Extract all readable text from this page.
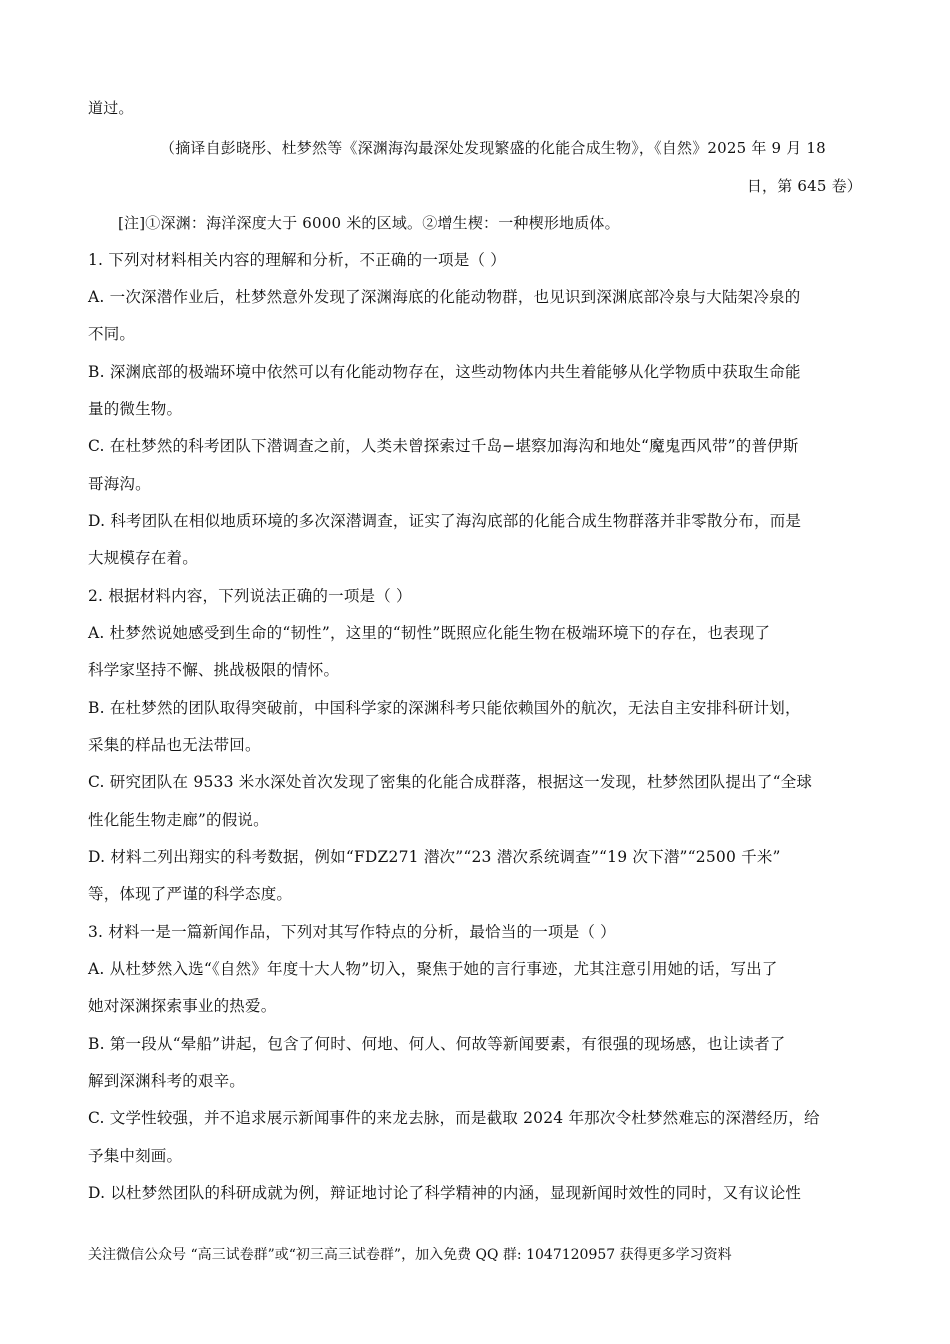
道过。
（摘译自彭晓彤、杜梦然等《深渊海沟最深处发现繁盛的化能合成生物》，《自然》2025 年 9 月 18
日，第 645 卷）
[注]①深渊：海洋深度大于 6000 米的区域。②增生楔：一种楔形地质体。
1. 下列对材料相关内容的理解和分析，不正确的一项是（ ）
A. 一次深潜作业后，杜梦然意外发现了深渊海底的化能动物群，也见识到深渊底部冷泉与大陆架冷泉的
不同。
B. 深渊底部的极端环境中依然可以有化能动物存在，这些动物体内共生着能够从化学物质中获取生命能
量的微生物。
C. 在杜梦然的科考团队下潜调查之前，人类未曾探索过千岛−堪察加海沟和地处“魔鬼西风带”的普伊斯
哥海沟。
D. 科考团队在相似地质环境的多次深潜调查，证实了海沟底部的化能合成生物群落并非零散分布，而是
大规模存在着。
2. 根据材料内容，下列说法正确的一项是（ ）
A. 杜梦然说她感受到生命的“韧性”，这里的“韧性”既照应化能生物在极端环境下的存在，也表现了
科学家坚持不懈、挑战极限的情怀。
B. 在杜梦然的团队取得突破前，中国科学家的深渊科考只能依赖国外的航次，无法自主安排科研计划，
采集的样品也无法带回。
C. 研究团队在 9533 米水深处首次发现了密集的化能合成群落，根据这一发现，杜梦然团队提出了“全球
性化能生物走廊”的假说。
D. 材料二列出翔实的科考数据，例如“FDZ271 潜次”“23 潜次系统调查”“19 次下潜”“2500 千米”
等，体现了严谨的科学态度。
3. 材料一是一篇新闻作品，下列对其写作特点的分析，最恰当的一项是（ ）
A. 从杜梦然入选“《自然》年度十大人物”切入，聚焦于她的言行事迹，尤其注意引用她的话，写出了
她对深渊探索事业的热爱。
B. 第一段从“晕船”讲起，包含了何时、何地、何人、何故等新闻要素，有很强的现场感，也让读者了
解到深渊科考的艰辛。
C. 文学性较强，并不追求展示新闻事件的来龙去脉，而是截取 2024 年那次令杜梦然难忘的深潜经历，给
予集中刻画。
D. 以杜梦然团队的科研成就为例，辩证地讨论了科学精神的内涵，显现新闻时效性的同时，又有议论性
关注微信公众号 “高三试卷群”或“初三高三试卷群”，加入免费 QQ 群: 1047120957 获得更多学习资料
